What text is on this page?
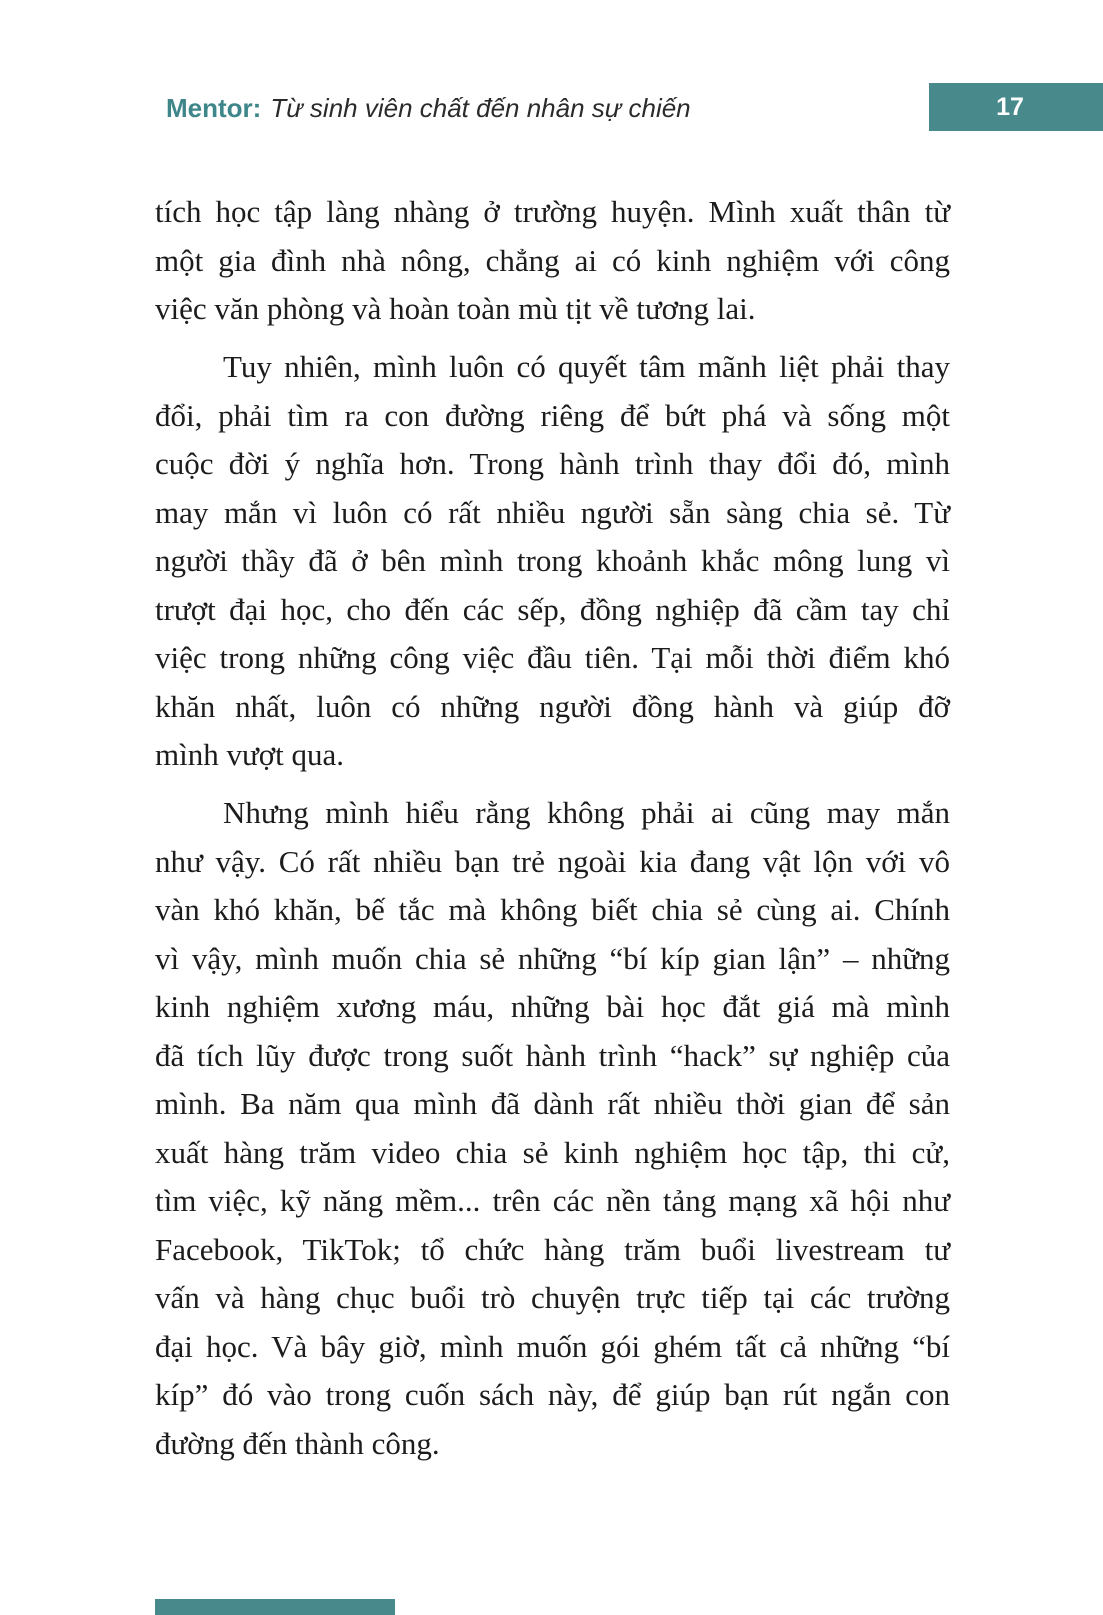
Mentor: Từ sinh viên chất đến nhân sự chiến	17
tích học tập làng nhàng ở trường huyện. Mình xuất thân từ
một gia đình nhà nông, chẳng ai có kinh nghiệm với công
việc văn phòng và hoàn toàn mù tịt về tương lai.
Tuy nhiên, mình luôn có quyết tâm mãnh liệt phải thay
đổi, phải tìm ra con đường riêng để bứt phá và sống một
cuộc đời ý nghĩa hơn. Trong hành trình thay đổi đó, mình
may mắn vì luôn có rất nhiều người sẵn sàng chia sẻ. Từ
người thầy đã ở bên mình trong khoảnh khắc mông lung vì
trượt đại học, cho đến các sếp, đồng nghiệp đã cầm tay chỉ
việc trong những công việc đầu tiên. Tại mỗi thời điểm khó
khăn nhất, luôn có những người đồng hành và giúp đỡ
mình vượt qua.
Nhưng mình hiểu rằng không phải ai cũng may mắn
như vậy. Có rất nhiều bạn trẻ ngoài kia đang vật lộn với vô
vàn khó khăn, bế tắc mà không biết chia sẻ cùng ai. Chính
vì vậy, mình muốn chia sẻ những “bí kíp gian lận” – những
kinh nghiệm xương máu, những bài học đắt giá mà mình
đã tích lũy được trong suốt hành trình “hack” sự nghiệp của
mình. Ba năm qua mình đã dành rất nhiều thời gian để sản
xuất hàng trăm video chia sẻ kinh nghiệm học tập, thi cử,
tìm việc, kỹ năng mềm... trên các nền tảng mạng xã hội như
Facebook, TikTok; tổ chức hàng trăm buổi livestream tư
vấn và hàng chục buổi trò chuyện trực tiếp tại các trường
đại học. Và bây giờ, mình muốn gói ghém tất cả những “bí
kíp” đó vào trong cuốn sách này, để giúp bạn rút ngắn con
đường đến thành công.
